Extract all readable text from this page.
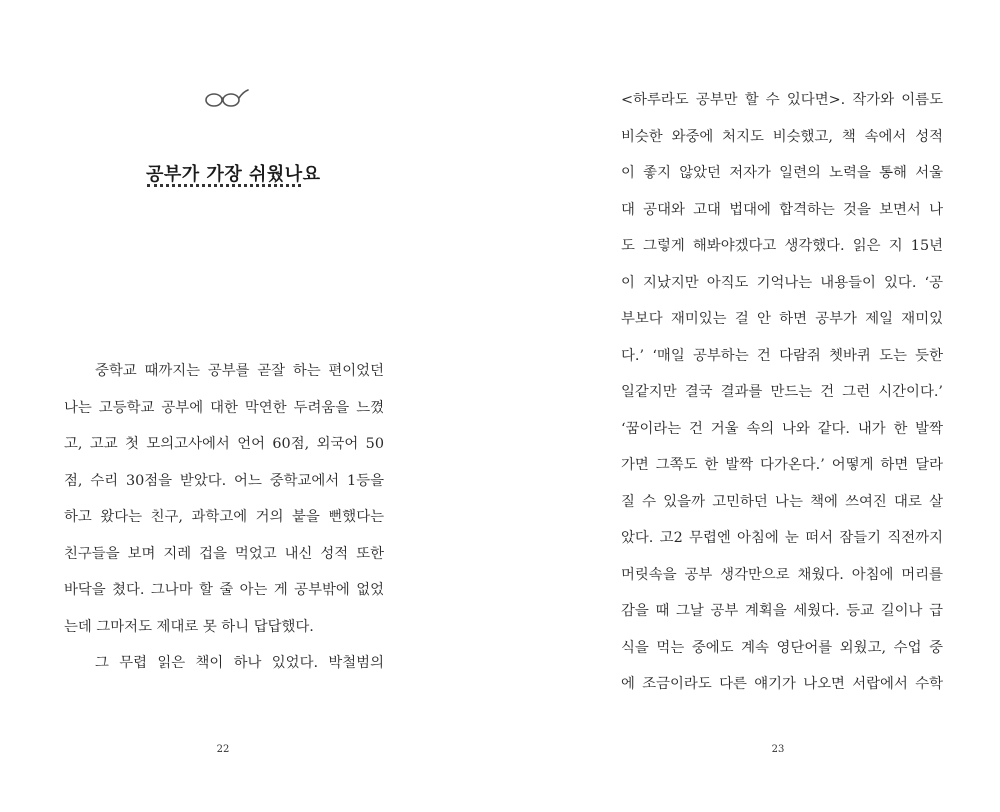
공부가 가장 쉬웠나요
중학교 때까지는 공부를 곧잘 하는 편이었던
나는 고등학교 공부에 대한 막연한 두려움을 느꼈
고, 고교 첫 모의고사에서 언어 60점, 외국어 50
점, 수리 30점을 받았다. 어느 중학교에서 1등을
하고 왔다는 친구, 과학고에 거의 붙을 뻔했다는
친구들을 보며 지레 겁을 먹었고 내신 성적 또한
바닥을 쳤다. 그나마 할 줄 아는 게 공부밖에 없었
는데 그마저도 제대로 못 하니 답답했다.
그 무렵 읽은 책이 하나 있었다. 박철범의
22
<하루라도 공부만 할 수 있다면>. 작가와 이름도
비슷한 와중에 처지도 비슷했고, 책 속에서 성적
이 좋지 않았던 저자가 일련의 노력을 통해 서울
대 공대와 고대 법대에 합격하는 것을 보면서 나
도 그렇게 해봐야겠다고 생각했다. 읽은 지 15년
이 지났지만 아직도 기억나는 내용들이 있다. ‘공
부보다 재미있는 걸 안 하면 공부가 제일 재미있
다.’ ‘매일 공부하는 건 다람쥐 쳇바퀴 도는 듯한
일같지만 결국 결과를 만드는 건 그런 시간이다.’
‘꿈이라는 건 거울 속의 나와 같다. 내가 한 발짝
가면 그쪽도 한 발짝 다가온다.’ 어떻게 하면 달라
질 수 있을까 고민하던 나는 책에 쓰여진 대로 살
았다. 고2 무렵엔 아침에 눈 떠서 잠들기 직전까지
머릿속을 공부 생각만으로 채웠다. 아침에 머리를
감을 때 그날 공부 계획을 세웠다. 등교 길이나 급
식을 먹는 중에도 계속 영단어를 외웠고, 수업 중
에 조금이라도 다른 얘기가 나오면 서랍에서 수학
23
